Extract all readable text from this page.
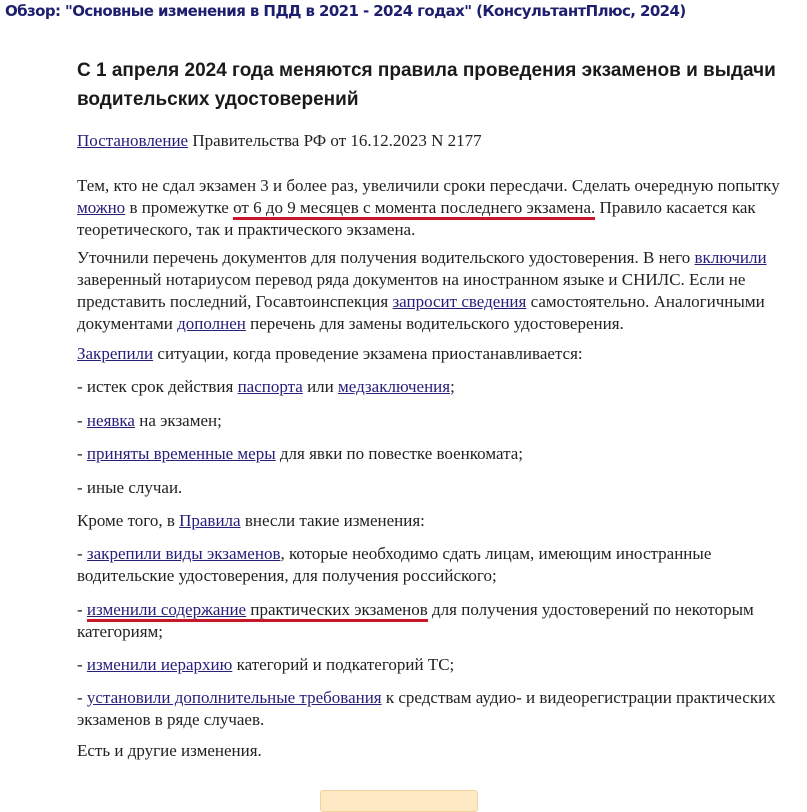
Обзор: "Основные изменения в ПДД в 2021 - 2024 годах" (КонсультантПлюс, 2024)
С 1 апреля 2024 года меняются правила проведения экзаменов и выдачи водительских удостоверений
Постановление Правительства РФ от 16.12.2023 N 2177
Тем, кто не сдал экзамен 3 и более раз, увеличили сроки пересдачи. Сделать очередную попытку можно в промежутке от 6 до 9 месяцев с момента последнего экзамена. Правило касается как теоретического, так и практического экзамена.
Уточнили перечень документов для получения водительского удостоверения. В него включили заверенный нотариусом перевод ряда документов на иностранном языке и СНИЛС. Если не представить последний, Госавтоинспекция запросит сведения самостоятельно. Аналогичными документами дополнен перечень для замены водительского удостоверения.
Закрепили ситуации, когда проведение экзамена приостанавливается:
- истек срок действия паспорта или медзаключения;
- неявка на экзамен;
- приняты временные меры для явки по повестке военкомата;
- иные случаи.
Кроме того, в Правила внесли такие изменения:
- закрепили виды экзаменов, которые необходимо сдать лицам, имеющим иностранные водительские удостоверения, для получения российского;
- изменили содержание практических экзаменов для получения удостоверений по некоторым категориям;
- изменили иерархию категорий и подкатегорий ТС;
- установили дополнительные требования к средствам аудио- и видеорегистрации практических экзаменов в ряде случаев.
Есть и другие изменения.
